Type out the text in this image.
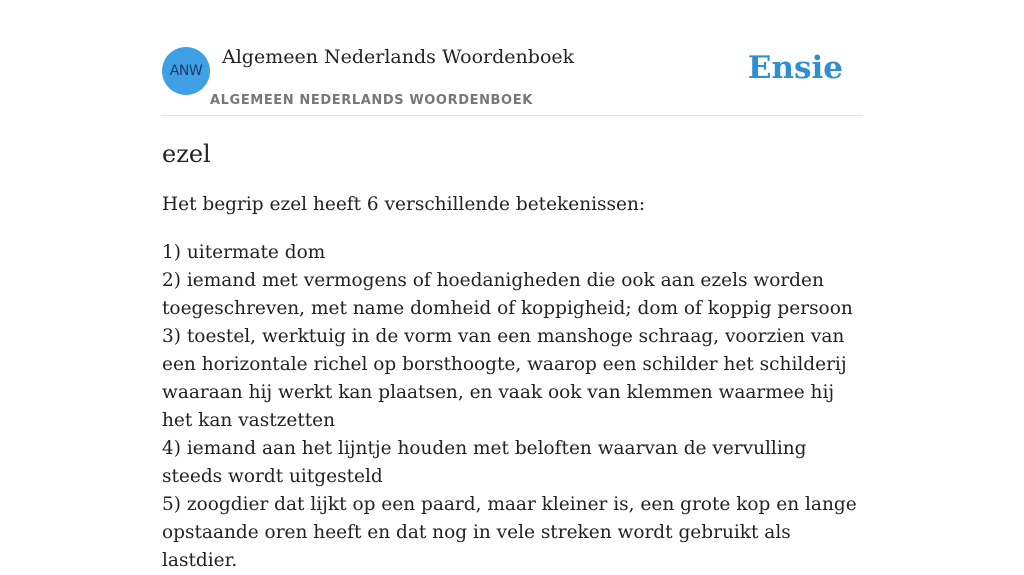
ANW
Algemeen Nederlands Woordenboek
ALGEMEEN NEDERLANDS WOORDENBOEK
Ensie
ezel

Het begrip ezel heeft 6 verschillende betekenissen:

1) uitermate dom
2) iemand met vermogens of hoedanigheden die ook aan ezels worden toegeschreven, met name domheid of koppigheid; dom of koppig persoon
3) toestel, werktuig in de vorm van een manshoge schraag, voorzien van een horizontale richel op borsthoogte, waarop een schilder het schilderij waaraan hij werkt kan plaatsen, en vaak ook van klemmen waarmee hij het kan vastzetten
4) iemand aan het lijntje houden met beloften waarvan de vervulling steeds wordt uitgesteld
5) zoogdier dat lijkt op een paard, maar kleiner is, een grote kop en lange opstaande oren heeft en dat nog in vele streken wordt gebruikt als lastdier.
